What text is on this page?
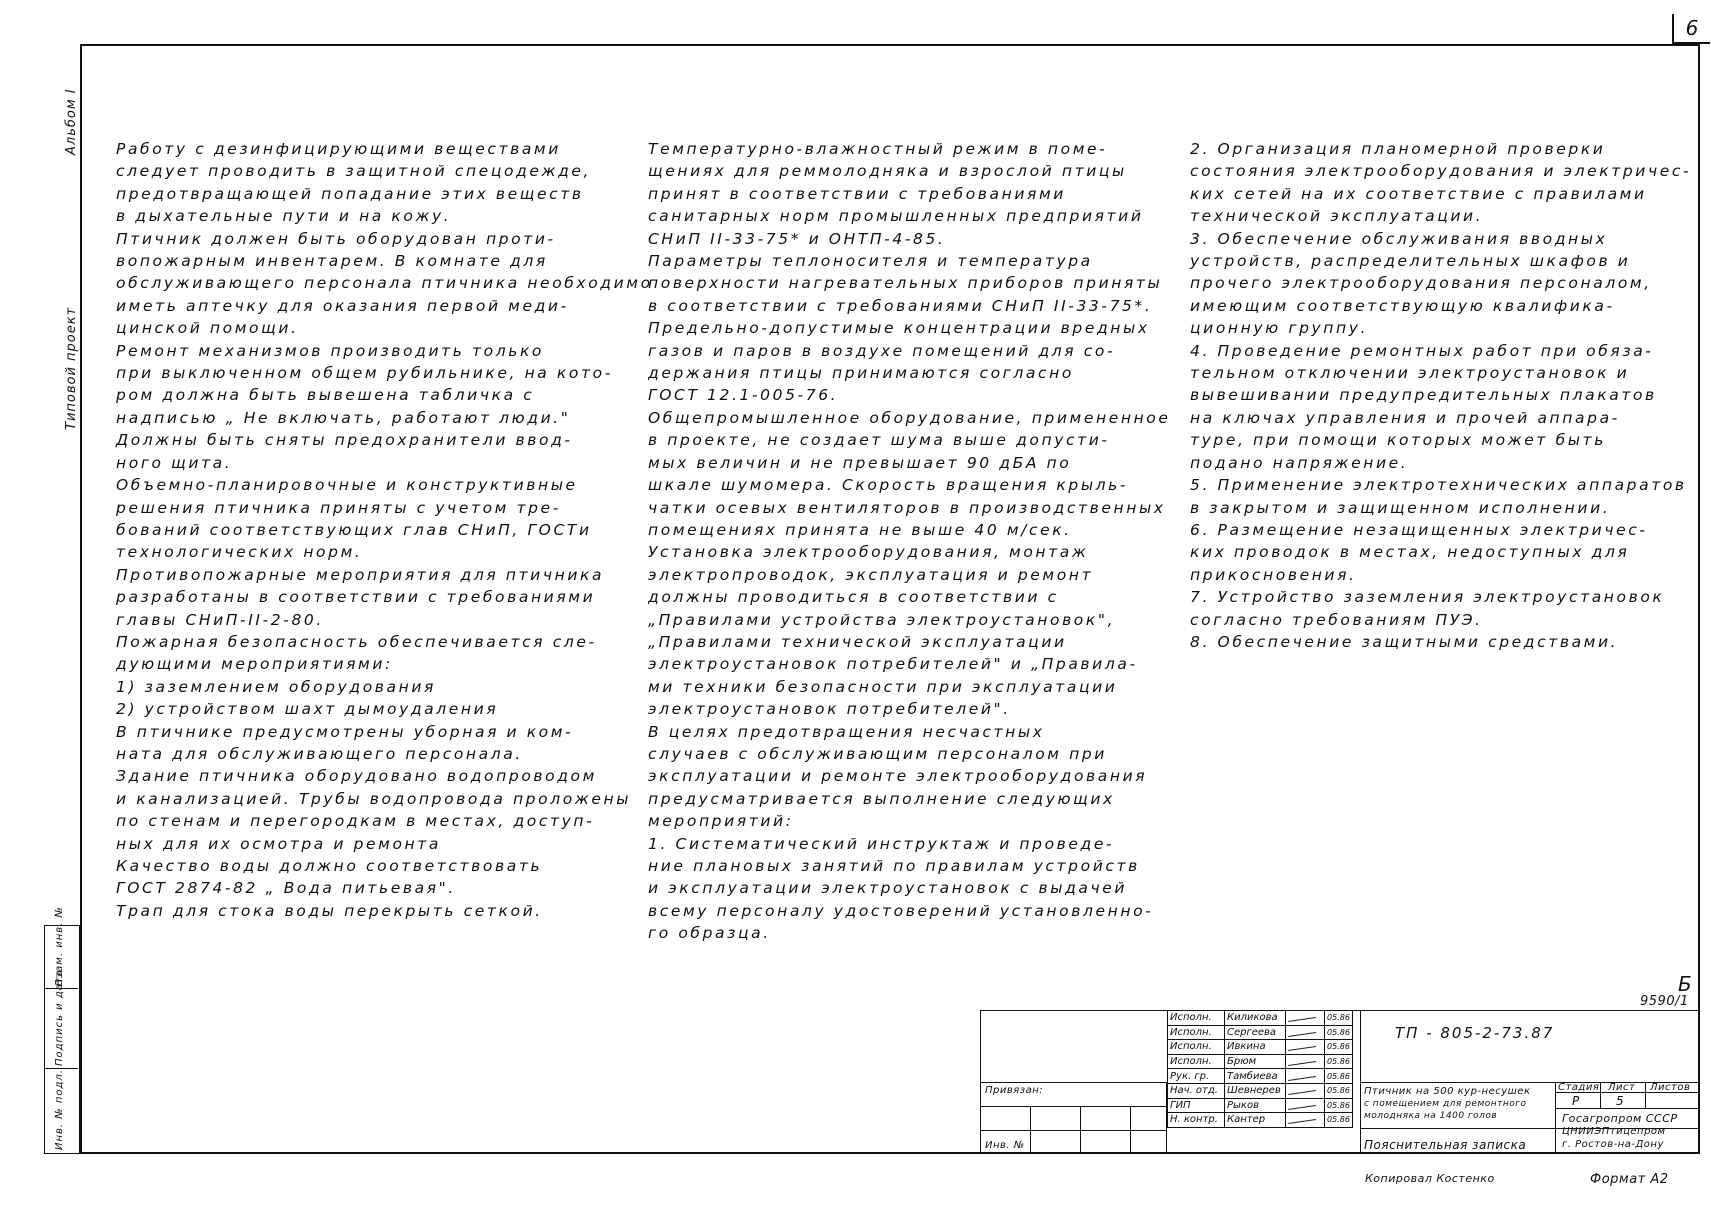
6
Альбом I
Типовой проект
Инв. № подл.
Подпись и дата
Взам. инв. №

Работу с дезинфицирующими веществами

следует проводить в защитной спецодежде,

предотвращающей попадание этих веществ

в дыхательные пути и на кожу.

Птичник должен быть оборудован проти-

вопожарным инвентарем. В комнате для

обслуживающего персонала птичника необходимо

иметь аптечку для оказания первой меди-

цинской помощи.

Ремонт механизмов производить только

при выключенном общем рубильнике, на кото-

ром должна быть вывешена табличка с

надписью „ Не включать, работают люди."

Должны быть сняты предохранители ввод-

ного щита.

Объемно-планировочные и конструктивные

решения птичника приняты с учетом тре-

бований соответствующих глав СНиП, ГОСТи

технологических норм.

Противопожарные мероприятия для птичника

разработаны в соответствии с требованиями

главы СНиП-II-2-80.

Пожарная безопасность обеспечивается сле-

дующими мероприятиями:

1) заземлением оборудования

2) устройством шахт дымоудаления

В птичнике предусмотрены уборная и ком-

ната для обслуживающего персонала.

Здание птичника оборудовано водопроводом

и канализацией. Трубы водопровода проложены

по стенам и перегородкам в местах, доступ-

ных для их осмотра и ремонта

Качество воды должно соответствовать

ГОСТ 2874-82 „ Вода питьевая".

Трап для стока воды перекрыть сеткой.

Температурно-влажностный режим в поме-

щениях для реммолодняка и взрослой птицы

принят в соответствии с требованиями

санитарных норм промышленных предприятий

СНиП II-33-75* и ОНТП-4-85.

Параметры теплоносителя и температура

поверхности нагревательных приборов приняты

в соответствии с требованиями СНиП II-33-75*.

Предельно-допустимые концентрации вредных

газов и паров в воздухе помещений для со-

держания птицы принимаются согласно

ГОСТ 12.1-005-76.

Общепромышленное оборудование, примененное

в проекте, не создает шума выше допусти-

мых величин и не превышает 90 дБА по

шкале шумомера. Скорость вращения крыль-

чатки осевых вентиляторов в производственных

помещениях принята не выше 40 м/сек.

Установка электрооборудования, монтаж

электропроводок, эксплуатация и ремонт

должны проводиться в соответствии с

„Правилами устройства электроустановок",

„Правилами технической эксплуатации

электроустановок потребителей" и „Правила-

ми техники безопасности при эксплуатации

электроустановок потребителей".

В целях предотвращения несчастных

случаев с обслуживающим персоналом при

эксплуатации и ремонте электрооборудования

предусматривается выполнение следующих

мероприятий:

1. Систематический инструктаж и проведе-

ние плановых занятий по правилам устройств

и эксплуатации электроустановок с выдачей

всему персоналу удостоверений установленно-

го образца.

2. Организация планомерной проверки

состояния электрооборудования и электричес-

ких сетей на их соответствие с правилами

технической эксплуатации.

3. Обеспечение обслуживания вводных

устройств, распределительных шкафов и

прочего электрооборудования персоналом,

имеющим соответствующую квалифика-

ционную группу.

4. Проведение ремонтных работ при обяза-

тельном отключении электроустановок и

вывешивании предупредительных плакатов

на ключах управления и прочей аппара-

туре, при помощи которых может быть

подано напряжение.

5. Применение электротехнических аппаратов

в закрытом и защищенном исполнении.

6. Размещение незащищенных электричес-

ких проводок в местах, недоступных для

прикосновения.

7. Устройство заземления электроустановок

согласно требованиям ПУЭ.

8. Обеспечение защитными средствами.

Б
9590/1
Привязан:
Инв. №
Исполн.	Киликова		05.86
Исполн.	Сергеева		05.86
Исполн.	Ивкина		05.86
Исполн.	Брюм		05.86
Рук. гр.	Тамбиева		05.86
Нач. отд.	Шевнерев		05.86
ГИП	Рыков		05.86
Н. контр.	Кантер		05.86
ТП - 805-2-73.87
Птичник на 500 кур-несушек
с помещением для ремонтного
молодняка на 1400 голов
Пояснительная записка
Стадия Лист Листов
Р	5
Госагропром СССР
ЦНИИЭПтицепром
г. Ростов-на-Дону
Копировал Костенко	Формат А2
